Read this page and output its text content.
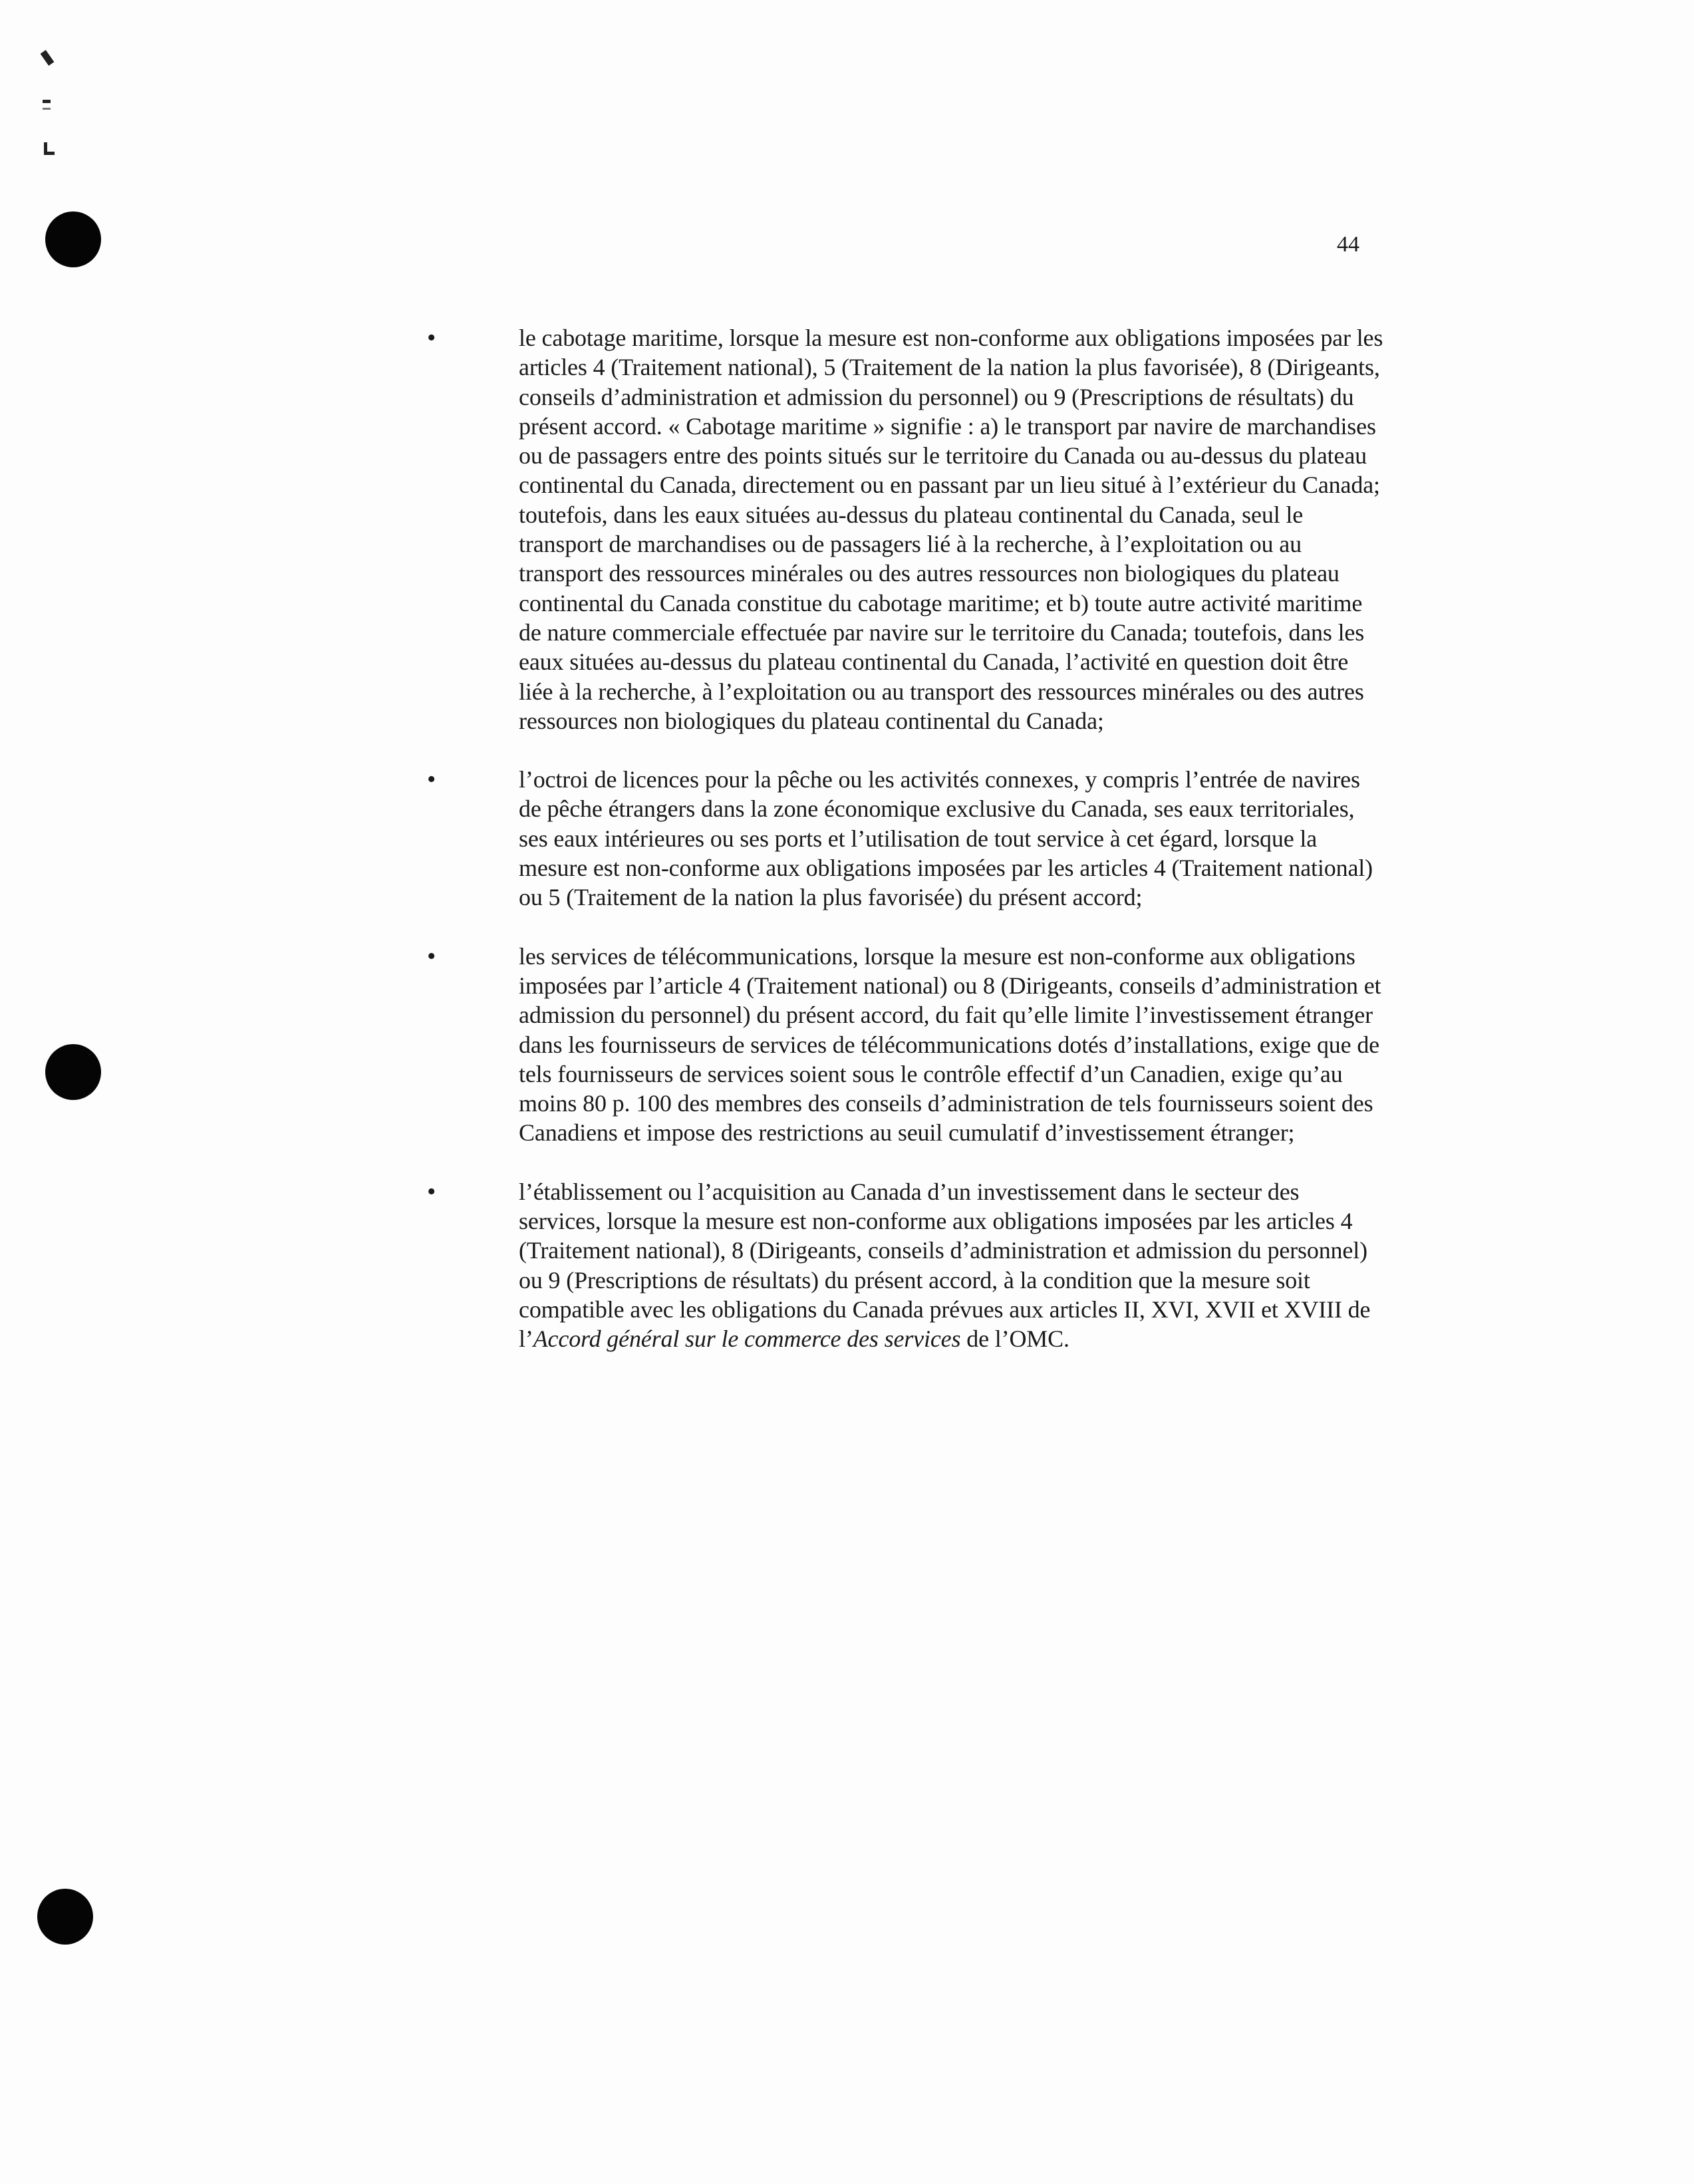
44
•	le cabotage maritime, lorsque la mesure est non-conforme aux obligations imposées par les articles 4 (Traitement national), 5 (Traitement de la nation la plus favorisée), 8 (Dirigeants, conseils d’administration et admission du personnel) ou 9 (Prescriptions de résultats) du présent accord. « Cabotage maritime » signifie : a) le transport par navire de marchandises ou de passagers entre des points situés sur le territoire du Canada ou au-dessus du plateau continental du Canada, directement ou en passant par un lieu situé à l’extérieur du Canada; toutefois, dans les eaux situées au-dessus du plateau continental du Canada, seul le transport de marchandises ou de passagers lié à la recherche, à l’exploitation ou au transport des ressources minérales ou des autres ressources non biologiques du plateau continental du Canada constitue du cabotage maritime; et b) toute autre activité maritime de nature commerciale effectuée par navire sur le territoire du Canada; toutefois, dans les eaux situées au-dessus du plateau continental du Canada, l’activité en question doit être liée à la recherche, à l’exploitation ou au transport des ressources minérales ou des autres ressources non biologiques du plateau continental du Canada;

•	l’octroi de licences pour la pêche ou les activités connexes, y compris l’entrée de navires de pêche étrangers dans la zone économique exclusive du Canada, ses eaux territoriales, ses eaux intérieures ou ses ports et l’utilisation de tout service à cet égard, lorsque la mesure est non-conforme aux obligations imposées par les articles 4 (Traitement national) ou 5 (Traitement de la nation la plus favorisée) du présent accord;

•	les services de télécommunications, lorsque la mesure est non-conforme aux obligations imposées par l’article 4 (Traitement national) ou 8 (Dirigeants, conseils d’administration et admission du personnel) du présent accord, du fait qu’elle limite l’investissement étranger dans les fournisseurs de services de télécommunications dotés d’installations, exige que de tels fournisseurs de services soient sous le contrôle effectif d’un Canadien, exige qu’au moins 80 p. 100 des membres des conseils d’administration de tels fournisseurs soient des Canadiens et impose des restrictions au seuil cumulatif d’investissement étranger;

•	l’établissement ou l’acquisition au Canada d’un investissement dans le secteur des services, lorsque la mesure est non-conforme aux obligations imposées par les articles 4 (Traitement national), 8 (Dirigeants, conseils d’administration et admission du personnel) ou 9 (Prescriptions de résultats) du présent accord, à la condition que la mesure soit compatible avec les obligations du Canada prévues aux articles II, XVI, XVII et XVIII de l’Accord général sur le commerce des services de l’OMC.
